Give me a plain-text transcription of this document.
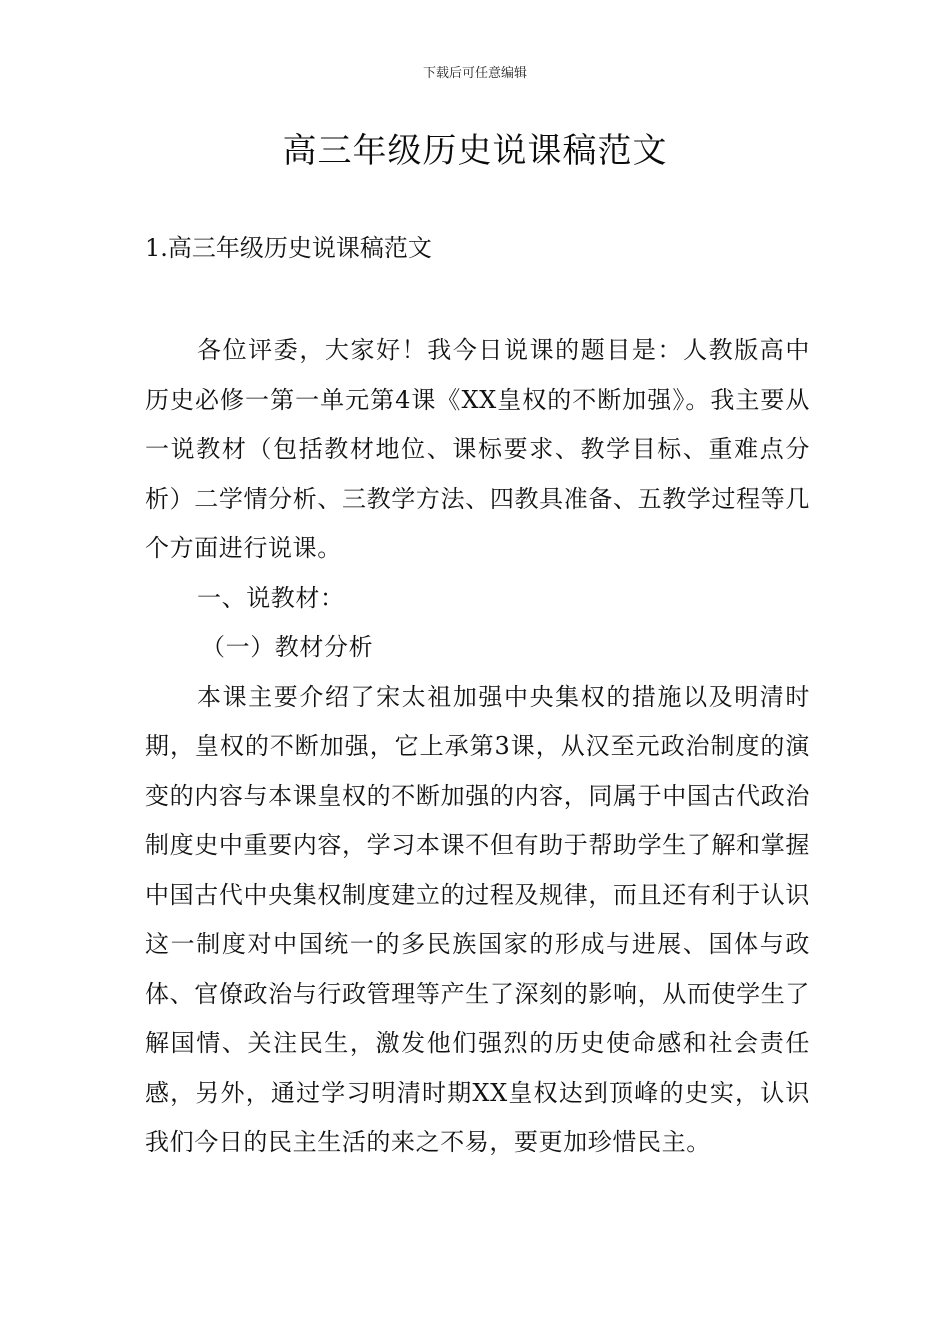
下载后可任意编辑
高三年级历史说课稿范文
1.高三年级历史说课稿范文

各位评委，大家好！我今日说课的题目是：人教版高中历史必修一第一单元第4课《XX皇权的不断加强》。我主要从一说教材（包括教材地位、课标要求、教学目标、重难点分析）二学情分析、三教学方法、四教具准备、五教学过程等几个方面进行说课。

一、说教材：

（一）教材分析

本课主要介绍了宋太祖加强中央集权的措施以及明清时期，皇权的不断加强，它上承第3课，从汉至元政治制度的演变的内容与本课皇权的不断加强的内容，同属于中国古代政治制度史中重要内容，学习本课不但有助于帮助学生了解和掌握中国古代中央集权制度建立的过程及规律，而且还有利于认识这一制度对中国统一的多民族国家的形成与进展、国体与政体、官僚政治与行政管理等产生了深刻的影响，从而使学生了解国情、关注民生，激发他们强烈的历史使命感和社会责任感，另外，通过学习明清时期XX皇权达到顶峰的史实，认识我们今日的民主生活的来之不易，要更加珍惜民主。
